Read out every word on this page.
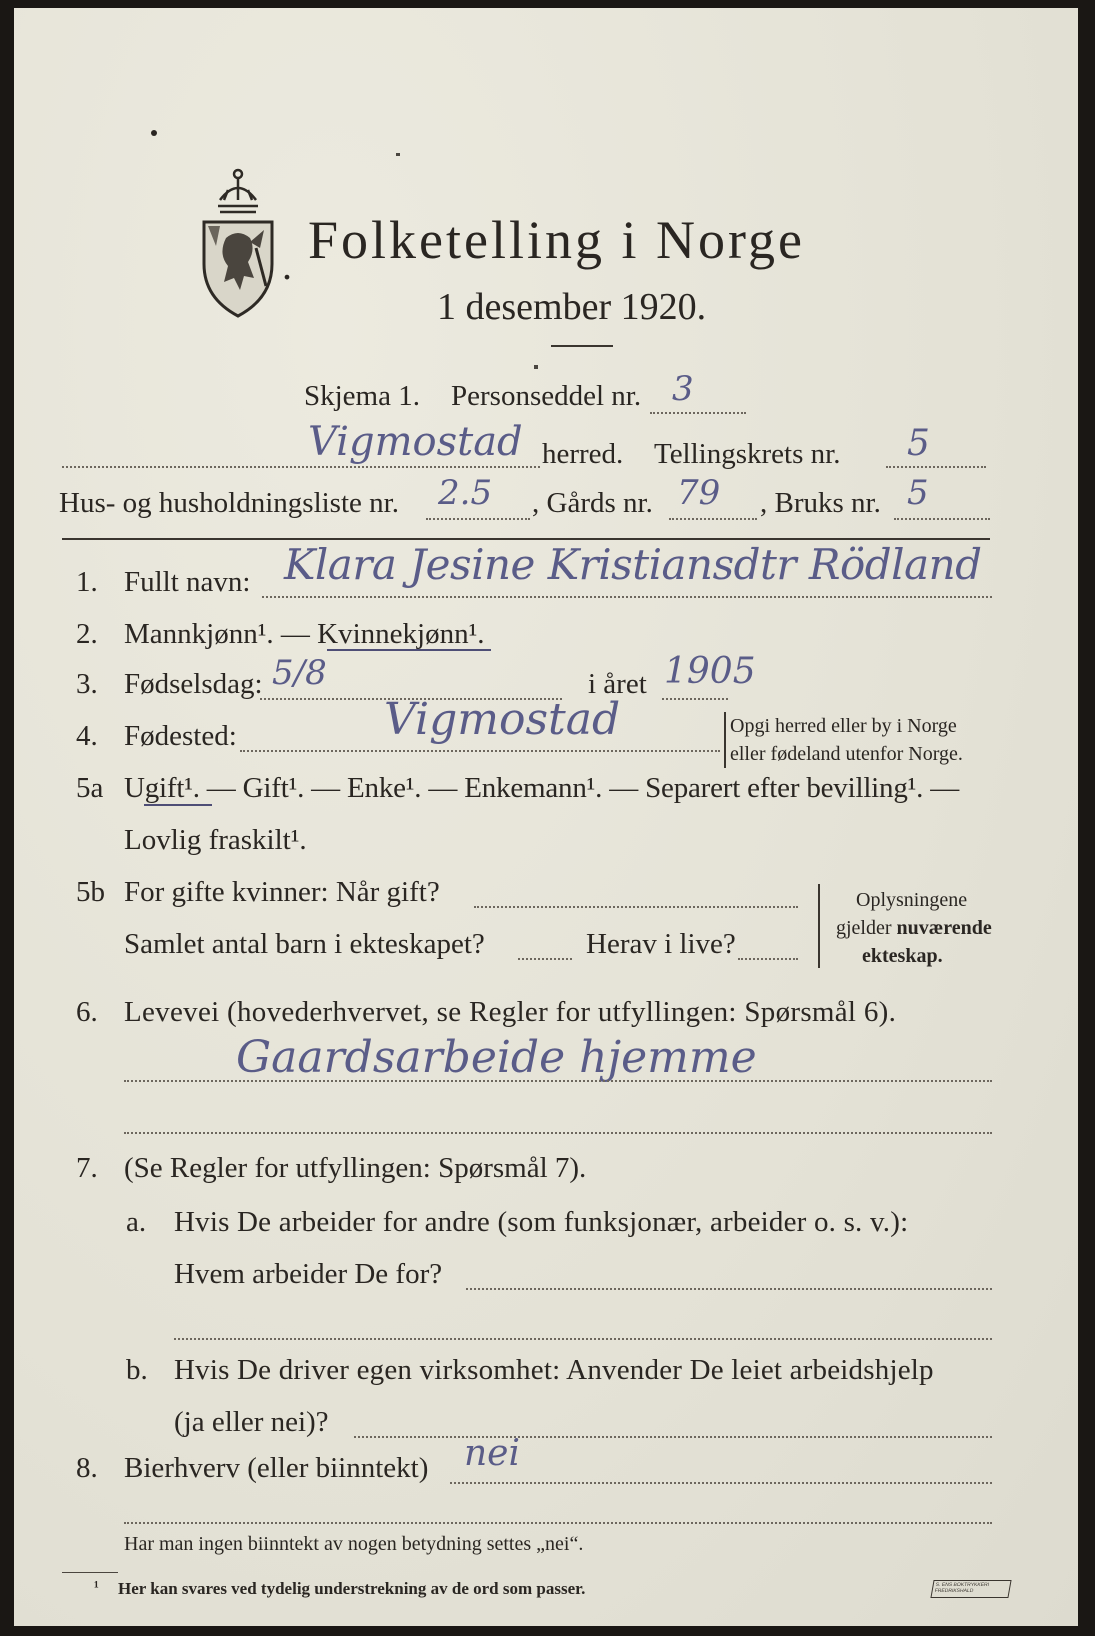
. Folketelling i Norge
1 desember 1920.
Skjema 1. Personseddel nr. 3
Vigmostad herred. Tellingskrets nr. 5
Hus- og husholdningsliste nr. 2.5 , Gårds nr. 79 , Bruks nr. 5
1. Fullt navn: Klara Jesine Kristiansdtr Rödland
2. Mannkjønn¹. — Kvinnekjønn¹.
3. Fødselsdag: 5/8	i året 1905
4. Fødested:	Vigmostad	Opgi herred eller by i Norge
eller fødeland utenfor Norge.
5a Ugift¹. — Gift¹. — Enke¹. — Enkemann¹. — Separert efter bevilling¹. —
Lovlig fraskilt¹.
5b For gifte kvinner: Når gift?
Samlet antal barn i ekteskapet?	Herav i live?
Oplysningene
gjelder nuværende
ekteskap.
6. Levevei (hovederhvervet, se Regler for utfyllingen: Spørsmål 6).
Gaardsarbeide hjemme
7. (Se Regler for utfyllingen: Spørsmål 7).
a. Hvis De arbeider for andre (som funksjonær, arbeider o. s. v.):
Hvem arbeider De for?
b. Hvis De driver egen virksomhet: Anvender De leiet arbeidshjelp
(ja eller nei)?
8. Bierhverv (eller biinntekt) nei
Har man ingen biinntekt av nogen betydning settes „nei“.
¹ Her kan svares ved tydelig understrekning av de ord som passer.	S. ENS BOKTRYKKERI FREDRIKSHALD
